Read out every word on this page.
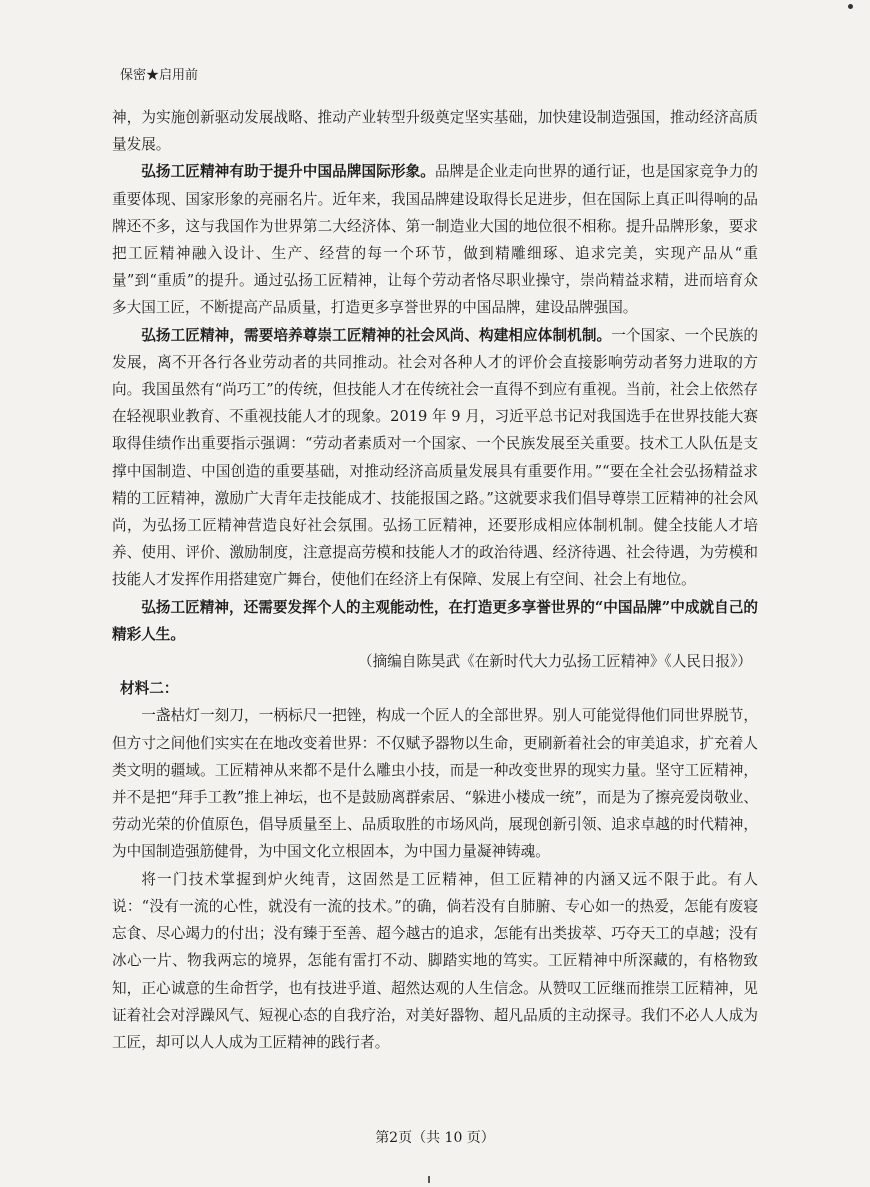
保密★启用前

神，为实施创新驱动发展战略、推动产业转型升级奠定坚实基础，加快建设制造强国，推动经济高质量发展。

弘扬工匠精神有助于提升中国品牌国际形象。品牌是企业走向世界的通行证，也是国家竞争力的重要体现、国家形象的亮丽名片。近年来，我国品牌建设取得长足进步，但在国际上真正叫得响的品牌还不多，这与我国作为世界第二大经济体、第一制造业大国的地位很不相称。提升品牌形象，要求把工匠精神融入设计、生产、经营的每一个环节，做到精雕细琢、追求完美，实现产品从“重量”到“重质”的提升。通过弘扬工匠精神，让每个劳动者恪尽职业操守，崇尚精益求精，进而培育众多大国工匠，不断提高产品质量，打造更多享誉世界的中国品牌，建设品牌强国。

弘扬工匠精神，需要培养尊崇工匠精神的社会风尚、构建相应体制机制。一个国家、一个民族的发展，离不开各行各业劳动者的共同推动。社会对各种人才的评价会直接影响劳动者努力进取的方向。我国虽然有“尚巧工”的传统，但技能人才在传统社会一直得不到应有重视。当前，社会上依然存在轻视职业教育、不重视技能人才的现象。2019 年 9 月，习近平总书记对我国选手在世界技能大赛取得佳绩作出重要指示强调：“劳动者素质对一个国家、一个民族发展至关重要。技术工人队伍是支撑中国制造、中国创造的重要基础，对推动经济高质量发展具有重要作用。”“要在全社会弘扬精益求精的工匠精神，激励广大青年走技能成才、技能报国之路。”这就要求我们倡导尊崇工匠精神的社会风尚，为弘扬工匠精神营造良好社会氛围。弘扬工匠精神，还要形成相应体制机制。健全技能人才培养、使用、评价、激励制度，注意提高劳模和技能人才的政治待遇、经济待遇、社会待遇，为劳模和技能人才发挥作用搭建宽广舞台，使他们在经济上有保障、发展上有空间、社会上有地位。

弘扬工匠精神，还需要发挥个人的主观能动性，在打造更多享誉世界的“中国品牌”中成就自己的精彩人生。

（摘编自陈昊武《在新时代大力弘扬工匠精神》《人民日报》）

材料二：

一盏枯灯一刻刀，一柄标尺一把锉，构成一个匠人的全部世界。别人可能觉得他们同世界脱节，但方寸之间他们实实在在地改变着世界：不仅赋予器物以生命，更刷新着社会的审美追求，扩充着人类文明的疆域。工匠精神从来都不是什么雕虫小技，而是一种改变世界的现实力量。坚守工匠精神，并不是把“拜手工教”推上神坛，也不是鼓励离群索居、“躲进小楼成一统”，而是为了擦亮爱岗敬业、劳动光荣的价值原色，倡导质量至上、品质取胜的市场风尚，展现创新引领、追求卓越的时代精神，为中国制造强筋健骨，为中国文化立根固本，为中国力量凝神铸魂。

将一门技术掌握到炉火纯青，这固然是工匠精神，但工匠精神的内涵又远不限于此。有人说：“没有一流的心性，就没有一流的技术。”的确，倘若没有自肺腑、专心如一的热爱，怎能有废寝忘食、尽心竭力的付出；没有臻于至善、超今越古的追求，怎能有出类拔萃、巧夺天工的卓越；没有冰心一片、物我两忘的境界，怎能有雷打不动、脚踏实地的笃实。工匠精神中所深藏的，有格物致知，正心诚意的生命哲学，也有技进乎道、超然达观的人生信念。从赞叹工匠继而推崇工匠精神，见证着社会对浮躁风气、短视心态的自我疗治，对美好器物、超凡品质的主动探寻。我们不必人人成为工匠，却可以人人成为工匠精神的践行者。

第2页（共 10 页）
